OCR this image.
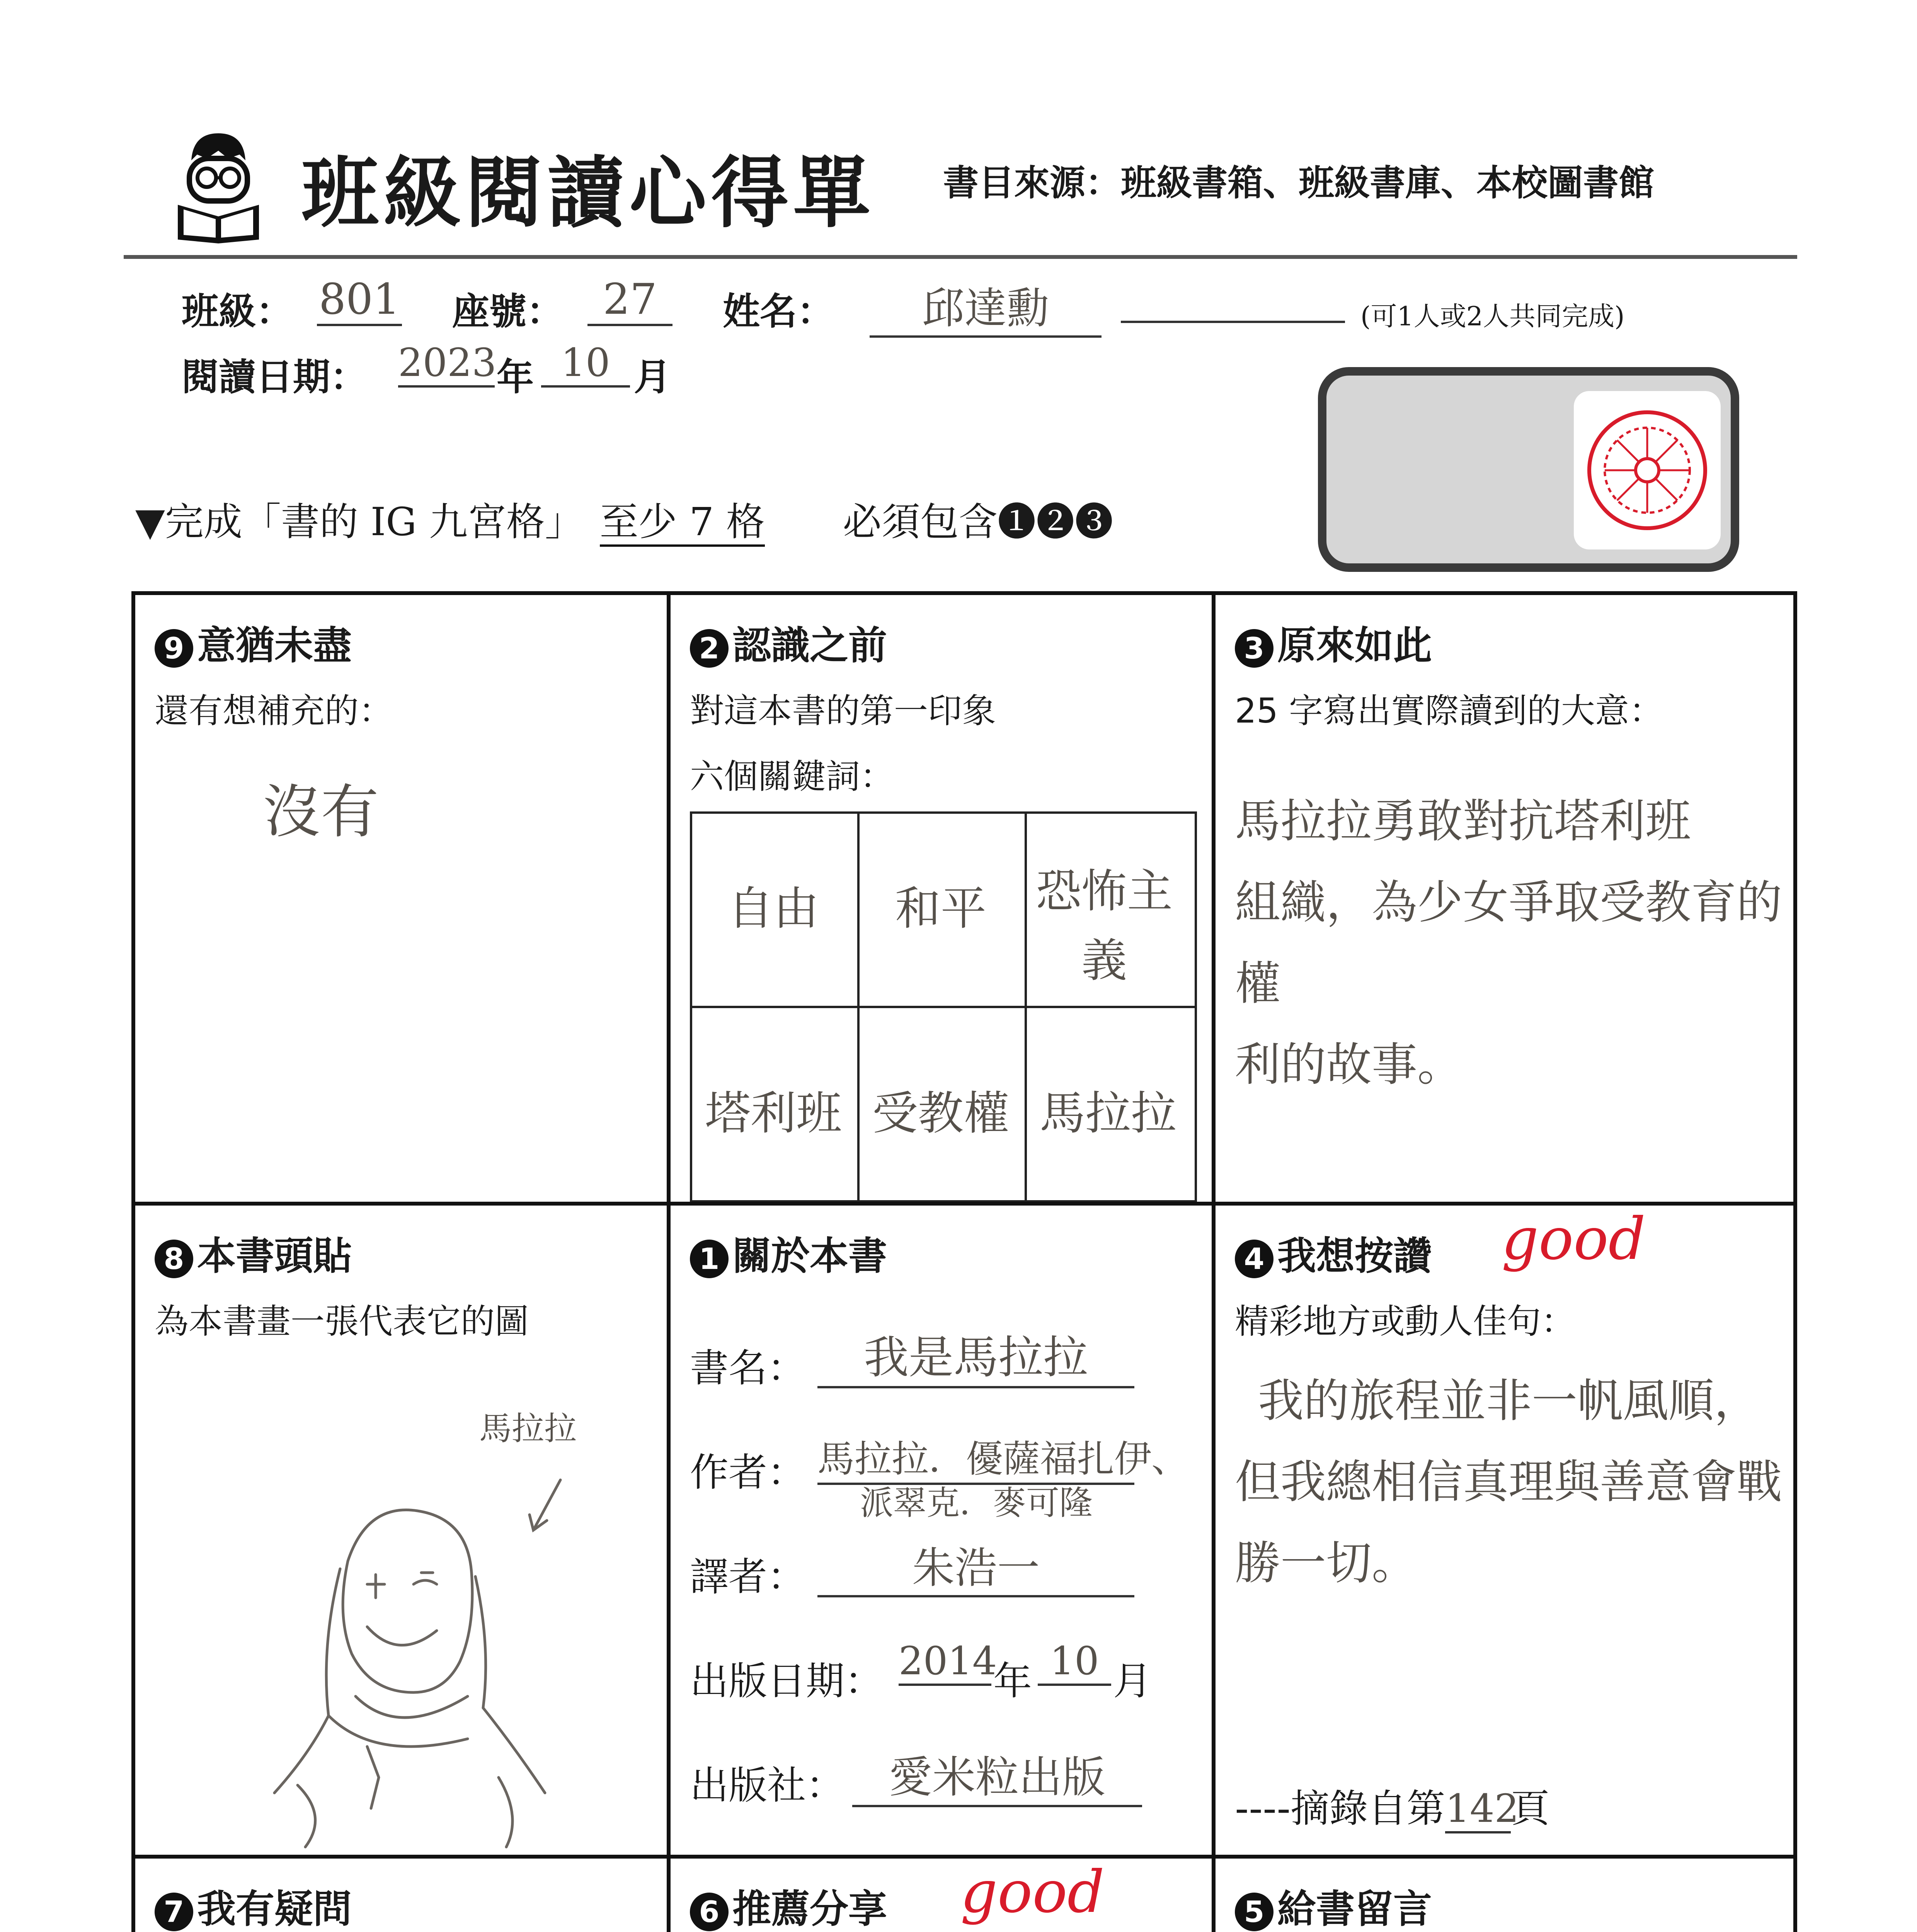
班級閱讀心得單 書目來源：班級書箱、班級書庫、本校圖書館
班級： 801 座號： 27	姓名：	邱達勳	(可1人或2人共同完成)
閱讀日期： 2023 年 10 月
▼完成「書的 IG 九宮格」 至少 7 格 必須包含❶❷❸
9 意猶未盡
還有想補充的：
沒有
2 認識之前
對這本書的第一印象
六個關鍵詞：
自由	和平	恐怖主義
塔利班 受教權 馬拉拉
3 原來如此
25 字寫出實際讀到的大意：
馬拉拉勇敢對抗塔利班
組織，為少女爭取受教育的權
利的故事。
8 本書頭貼
為本書畫一張代表它的圖
馬拉拉
1 關於本書
書名：	我是馬拉拉
作者： 馬拉拉．優薩福扎伊、
派翠克．麥可隆
譯者：	朱浩一
出版日期： 2014
年 10 月
出版社：	愛米粒出版
4 我想按讚 good
精彩地方或動人佳句：
我的旅程並非一帆風順，
但我總相信真理與善意會戰
勝一切。
----摘錄自第142頁
7 我有疑問	6 推薦分享 good	5 給書留言
